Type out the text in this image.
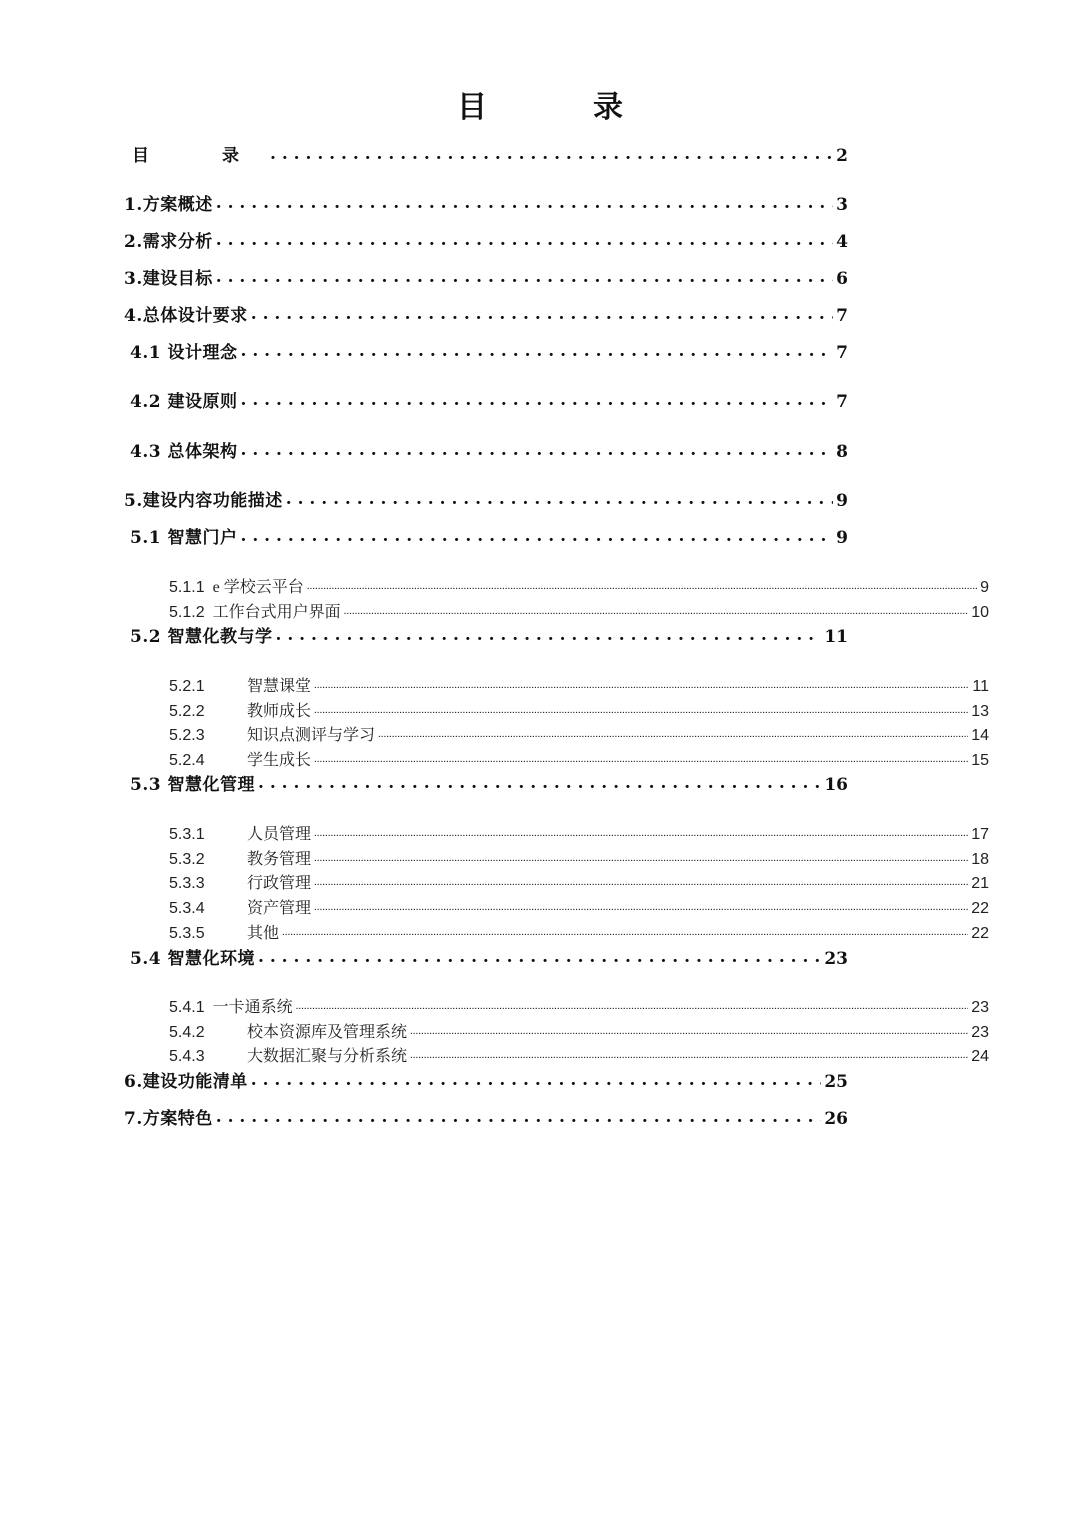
目　录
目　录 . . .	2
1.方案概述 . . .	3
2.需求分析 . . .	4
3.建设目标 . . .	6
4.总体设计要求 . . .	7
4.1 设计理念 . . .	7
4.2 建设原则 . . .	7
4.3 总体架构 . . .	8
5.建设内容功能描述 . . .	9
5.1 智慧门户 . . .	9
5.1.1 e 学校云平台 .....	9
5.1.2 工作台式用户界面 .....	10
5.2 智慧化教与学 . . .	11
5.2.1	智慧课堂 .....	11
5.2.2	教师成长 .....	13
5.2.3	知识点测评与学习 .....	14
5.2.4	学生成长 .....	15
5.3 智慧化管理 . . .	16
5.3.1	人员管理 .....	17
5.3.2	教务管理 .....	18
5.3.3	行政管理 .....	21
5.3.4	资产管理 .....	22
5.3.5	其他 .....	22
5.4 智慧化环境 . . .	23
5.4.1 一卡通系统 .....	23
5.4.2	校本资源库及管理系统 .....	23
5.4.3	大数据汇聚与分析系统 .....	24
6.建设功能清单 . . .	25
7.方案特色 . . .	26
